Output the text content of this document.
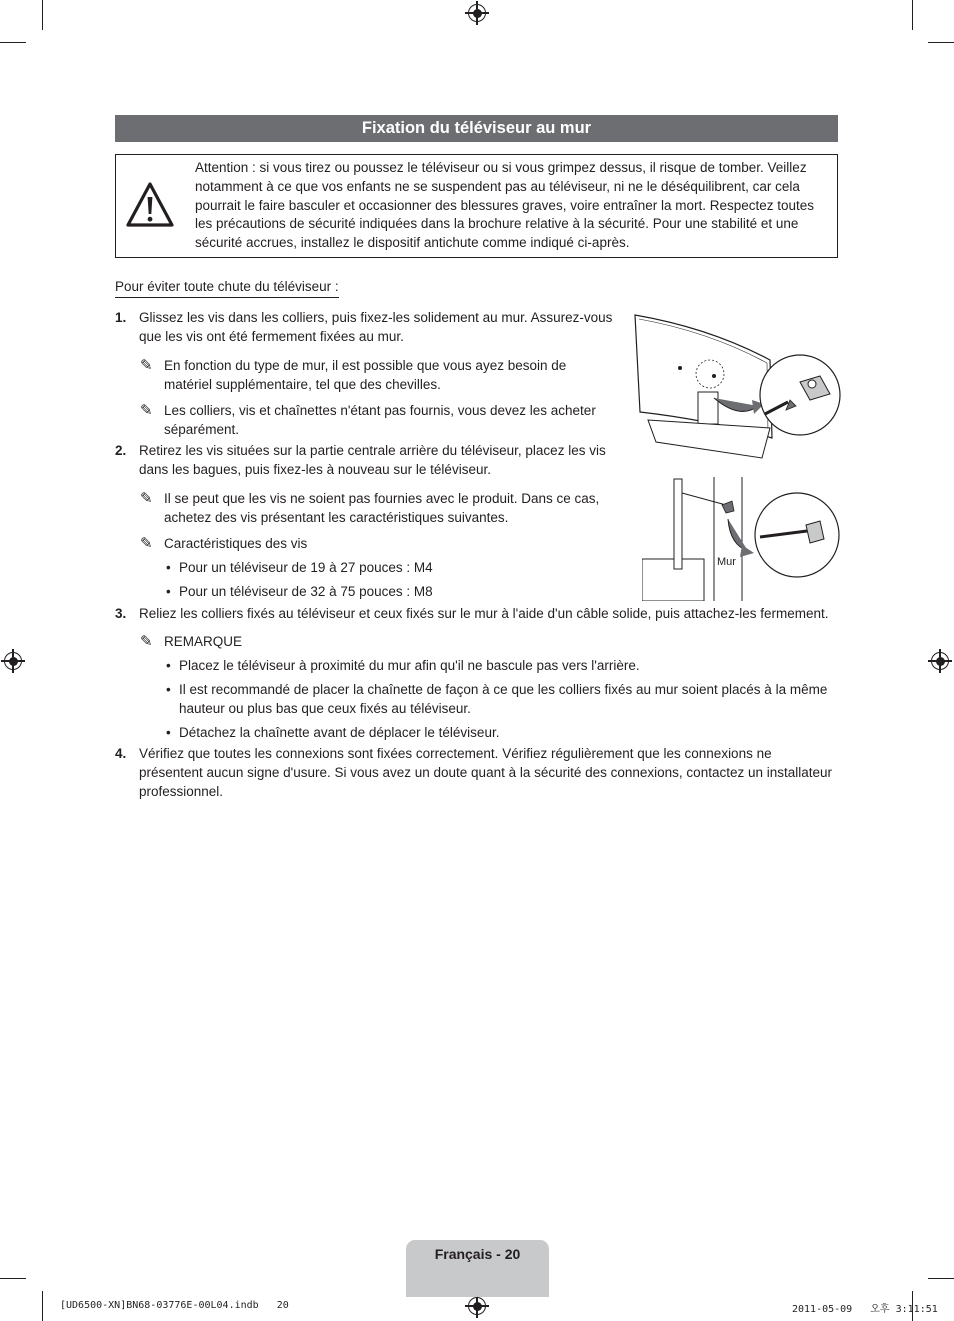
Fixation du téléviseur au mur
Attention : si vous tirez ou poussez le téléviseur ou si vous grimpez dessus, il risque de tomber. Veillez notamment à ce que vos enfants ne se suspendent pas au téléviseur, ni ne le déséquilibrent, car cela pourrait le faire basculer et occasionner des blessures graves, voire entraîner la mort. Respectez toutes les précautions de sécurité indiquées dans la brochure relative à la sécurité. Pour une stabilité et une sécurité accrues, installez le dispositif antichute comme indiqué ci-après.
Pour éviter toute chute du téléviseur :
1. Glissez les vis dans les colliers, puis fixez-les solidement au mur. Assurez-vous que les vis ont été fermement fixées au mur.
✎ En fonction du type de mur, il est possible que vous ayez besoin de matériel supplémentaire, tel que des chevilles.
✎ Les colliers, vis et chaînettes n'étant pas fournis, vous devez les acheter séparément.
2. Retirez les vis situées sur la partie centrale arrière du téléviseur, placez les vis dans les bagues, puis fixez-les à nouveau sur le téléviseur.
✎ Il se peut que les vis ne soient pas fournies avec le produit. Dans ce cas, achetez des vis présentant les caractéristiques suivantes.
✎ Caractéristiques des vis
• Pour un téléviseur de 19 à 27 pouces : M4
• Pour un téléviseur de 32 à 75 pouces : M8
3. Reliez les colliers fixés au téléviseur et ceux fixés sur le mur à l'aide d'un câble solide, puis attachez-les fermement.
✎ REMARQUE
• Placez le téléviseur à proximité du mur afin qu'il ne bascule pas vers l'arrière.
• Il est recommandé de placer la chaînette de façon à ce que les colliers fixés au mur soient placés à la même hauteur ou plus bas que ceux fixés au téléviseur.
• Détachez la chaînette avant de déplacer le téléviseur.
4. Vérifiez que toutes les connexions sont fixées correctement. Vérifiez régulièrement que les connexions ne présentent aucun signe d'usure. Si vous avez un doute quant à la sécurité des connexions, contactez un installateur professionnel.
Mur
Français - 20
[UD6500-XN]BN68-03776E-00L04.indb   20	2011-05-09   오후 3:11:51
